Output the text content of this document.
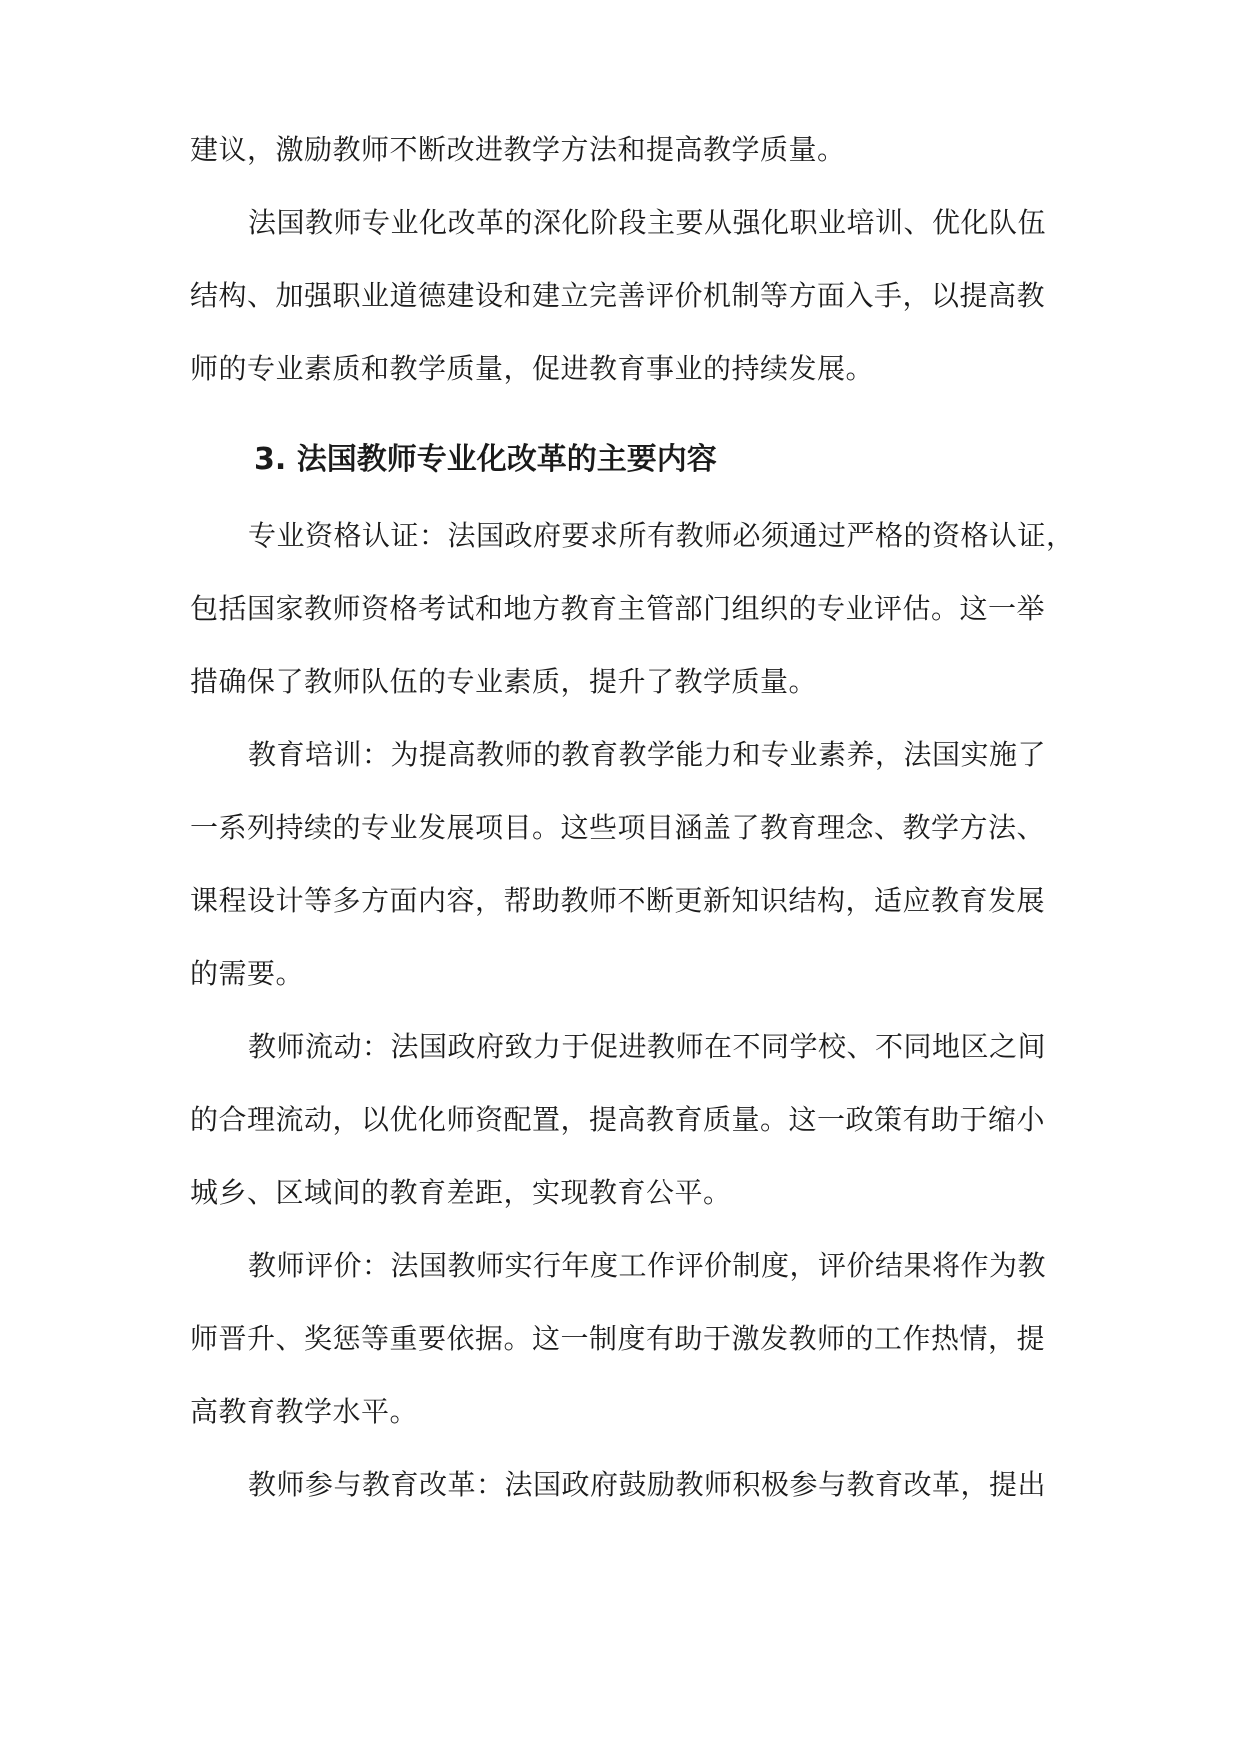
建议，激励教师不断改进教学方法和提高教学质量。
法国教师专业化改革的深化阶段主要从强化职业培训、优化队伍
结构、加强职业道德建设和建立完善评价机制等方面入手，以提高教
师的专业素质和教学质量，促进教育事业的持续发展。
3. 法国教师专业化改革的主要内容
专业资格认证：法国政府要求所有教师必须通过严格的资格认证，
包括国家教师资格考试和地方教育主管部门组织的专业评估。这一举
措确保了教师队伍的专业素质，提升了教学质量。
教育培训：为提高教师的教育教学能力和专业素养，法国实施了
一系列持续的专业发展项目。这些项目涵盖了教育理念、教学方法、
课程设计等多方面内容，帮助教师不断更新知识结构，适应教育发展
的需要。
教师流动：法国政府致力于促进教师在不同学校、不同地区之间
的合理流动，以优化师资配置，提高教育质量。这一政策有助于缩小
城乡、区域间的教育差距，实现教育公平。
教师评价：法国教师实行年度工作评价制度，评价结果将作为教
师晋升、奖惩等重要依据。这一制度有助于激发教师的工作热情，提
高教育教学水平。
教师参与教育改革：法国政府鼓励教师积极参与教育改革，提出
